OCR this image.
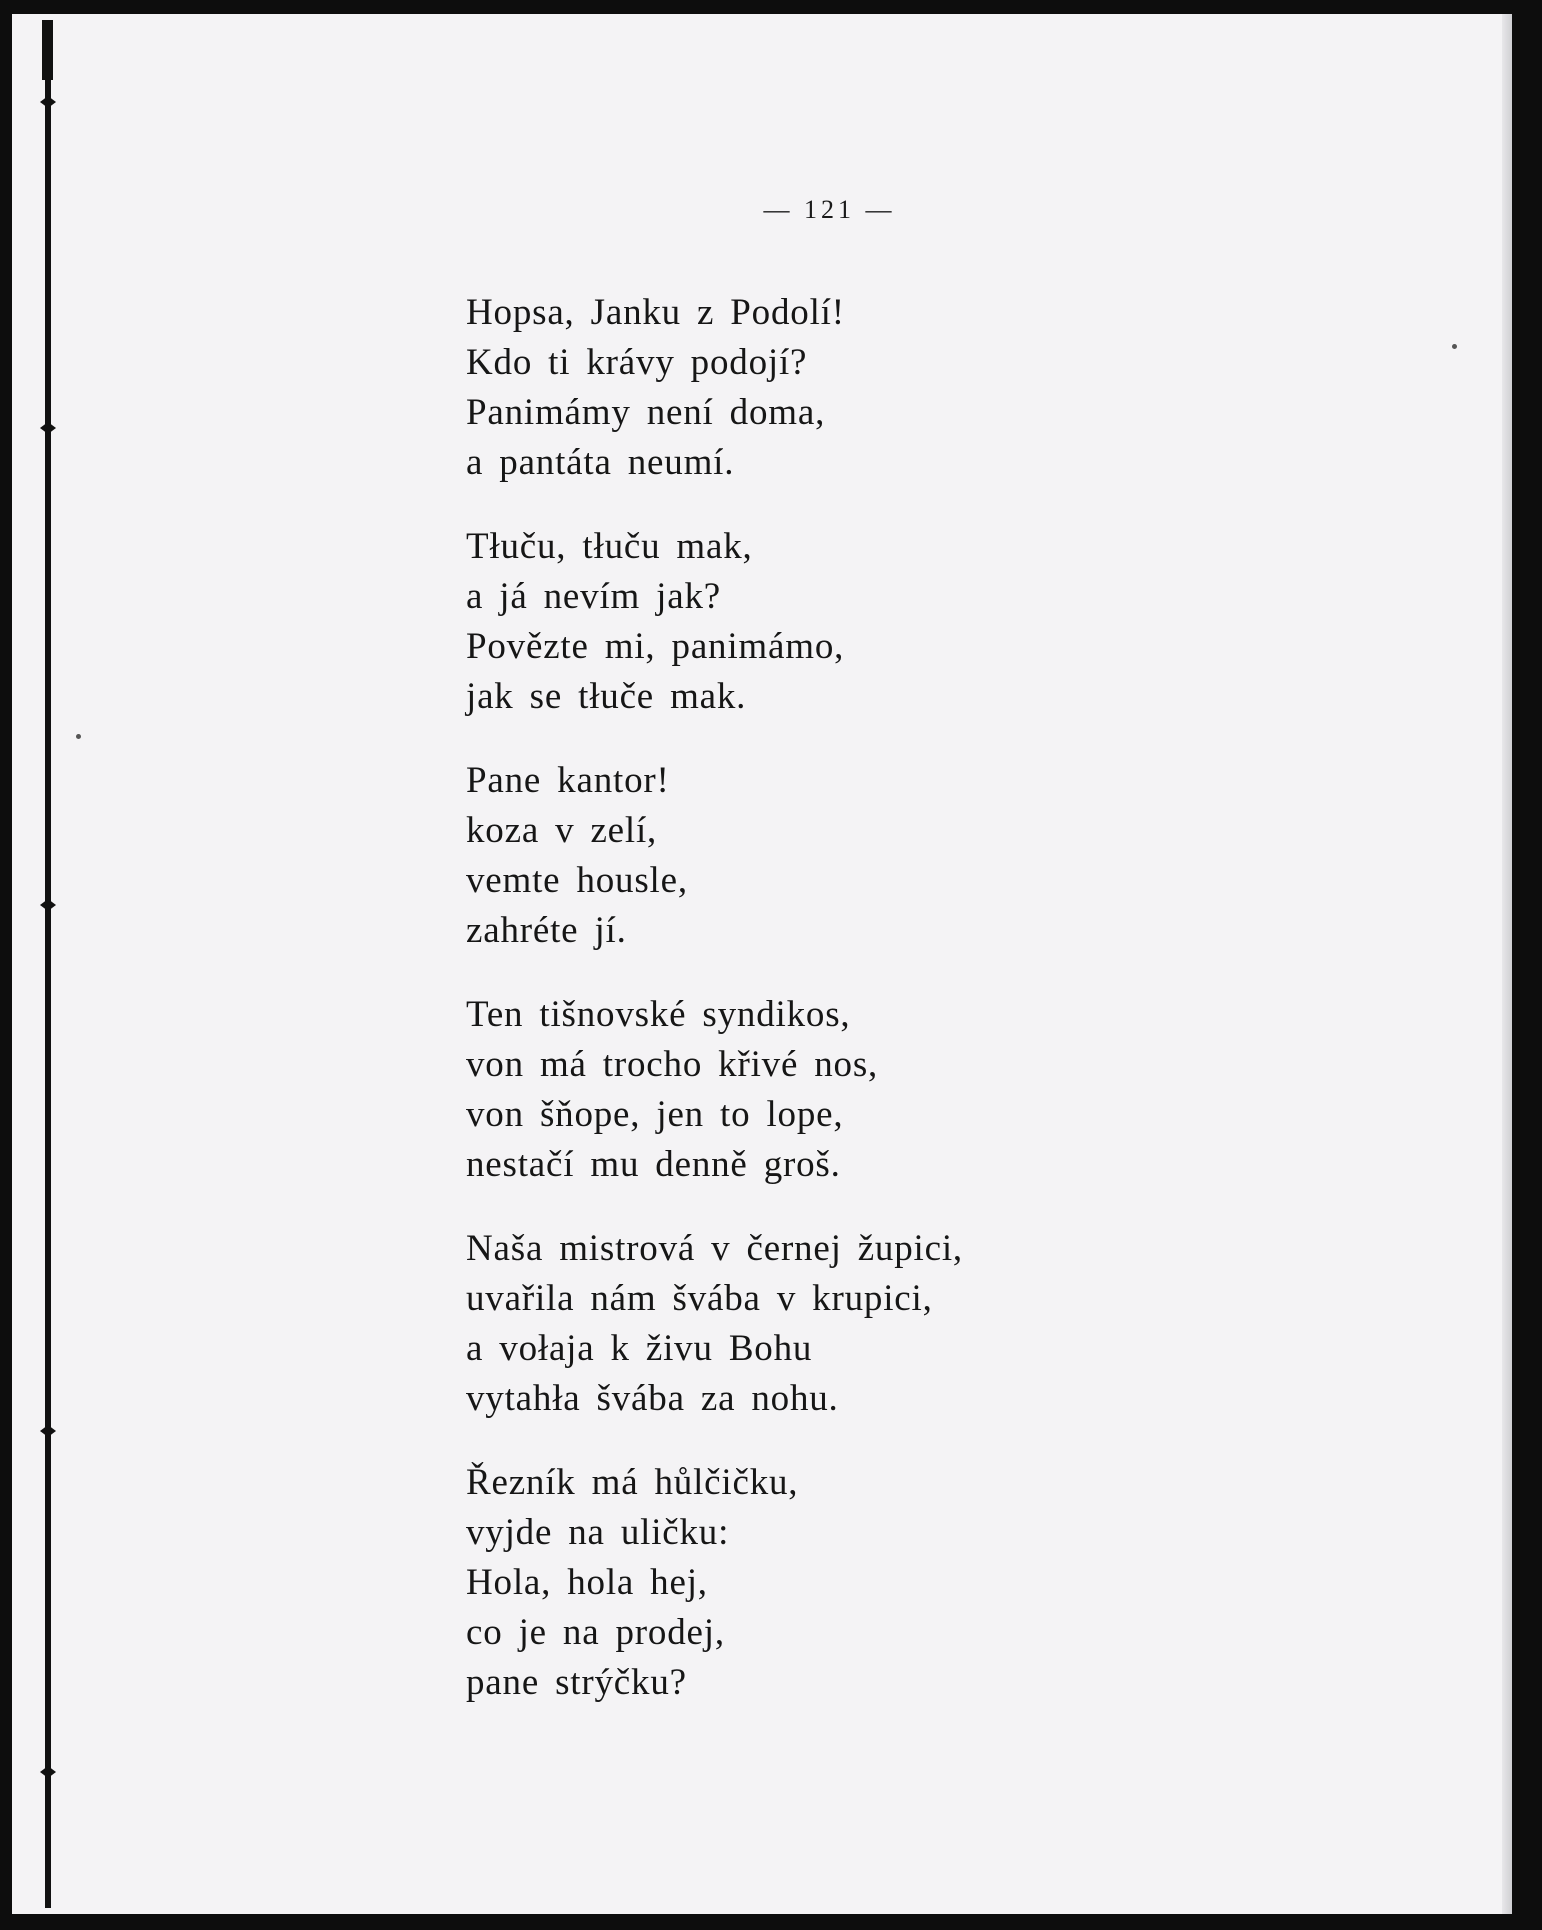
— 121 —
Hopsa, Janku z Podolí!
Kdo ti krávy podojí?
Panimámy není doma,
a pantáta neumí.
Tłuču, tłuču mak,
a já nevím jak?
Povězte mi, panimámo,
jak se tłuče mak.
Pane kantor!
koza v zelí,
vemte housle,
zahréte jí.
Ten tišnovské syndikos,
von má trocho křivé nos,
von šňope, jen to lope,
nestačí mu denně groš.
Naša mistrová v černej župici,
uvařila nám švába v krupici,
a vołaja k živu Bohu
vytahła švába za nohu.
Řezník má hůlčičku,
vyjde na uličku:
Hola, hola hej,
co je na prodej,
pane strýčku?
